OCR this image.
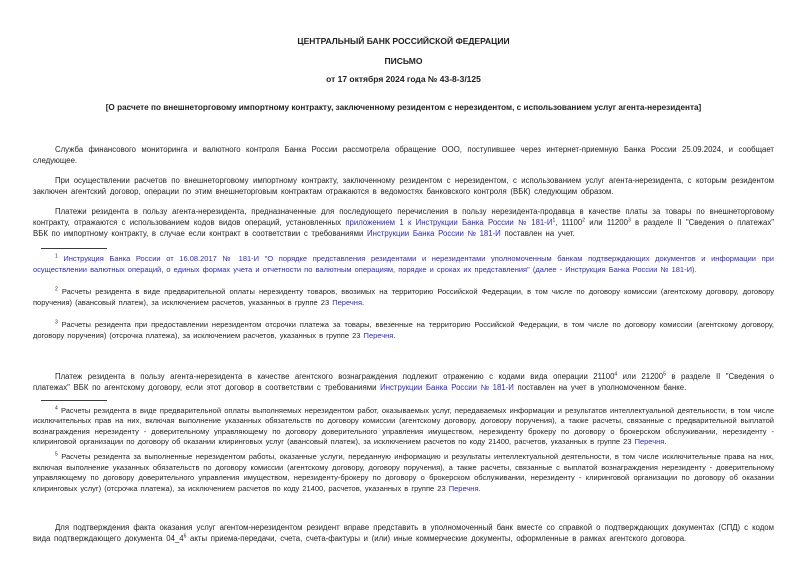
ЦЕНТРАЛЬНЫЙ БАНК РОССИЙСКОЙ ФЕДЕРАЦИИ
ПИСЬМО
от 17 октября 2024 года № 43-8-3/125
[О расчете по внешнеторговому импортному контракту, заключенному резидентом с нерезидентом, с использованием услуг агента-нерезидента]

Служба финансового мониторинга и валютного контроля Банка России рассмотрела обращение ООО, поступившее через интернет-приемную Банка России 25.09.2024, и сообщает следующее.

При осуществлении расчетов по внешнеторговому импортному контракту, заключенному резидентом с нерезидентом, с использованием услуг агента-нерезидента, с которым резидентом заключен агентский договор, операции по этим внешнеторговым контрактам отражаются в ведомостях банковского контроля (ВБК) следующим образом.

Платежи резидента в пользу агента-нерезидента, предназначенные для последующего перечисления в пользу нерезидента-продавца в качестве платы за товары по внешнеторговому контракту, отражаются с использованием кодов видов операций, установленных приложением 1 к Инструкции Банка России № $181-И^1$, 11100$^2$ или 11200$^3$ в разделе II "Сведения о платежах" ВБК по импортному контракту, в случае если контракт в соответствии с требованиями Инструкции Банка России № 181-И поставлен на учет.

$^1$ Инструкция Банка России от 16.08.2017 № 181-И "О порядке представления резидентами и нерезидентами уполномоченным банкам подтверждающих документов и информации при осуществлении валютных операций, о единых формах учета и отчетности по валютным операциям, порядке и сроках их представления" (далее - Инструкция Банка России № 181-И).

$^2$ Расчеты резидента в виде предварительной оплаты нерезиденту товаров, ввозимых на территорию Российской Федерации, в том числе по договору комиссии (агентскому договору, договору поручения) (авансовый платеж), за исключением расчетов, указанных в группе 23 Перечня.

$^3$ Расчеты резидента при предоставлении нерезидентом отсрочки платежа за товары, ввезенные на территорию Российской Федерации, в том числе по договору комиссии (агентскому договору, договору поручения) (отсрочка платежа), за исключением расчетов, указанных в группе 23 Перечня.

Платеж резидента в пользу агента-нерезидента в качестве агентского вознаграждения подлежит отражению с кодами вида операции 21100$^4$ или 21200$^5$ в разделе II "Сведения о платежах" ВБК по агентскому договору, если этот договор в соответствии с требованиями Инструкции Банка России № 181-И поставлен на учет в уполномоченном банке.

$^4$ Расчеты резидента в виде предварительной оплаты выполняемых нерезидентом работ, оказываемых услуг, передаваемых информации и результатов интеллектуальной деятельности, в том числе исключительных прав на них, включая выполнение указанных обязательств по договору комиссии (агентскому договору, договору поручения), а также расчеты, связанные с предварительной выплатой вознаграждения нерезиденту - доверительному управляющему по договору доверительного управления имуществом, нерезиденту брокеру по договору о брокерском обслуживании, нерезиденту - клиринговой организации по договору об оказании клиринговых услуг (авансовый платеж), за исключением расчетов по коду 21400, расчетов, указанных в группе 23 Перечня.

$^5$ Расчеты резидента за выполненные нерезидентом работы, оказанные услуги, переданную информацию и результаты интеллектуальной деятельности, в том числе исключительные права на них, включая выполнение указанных обязательств по договору комиссии (агентскому договору, договору поручения), а также расчеты, связанные с выплатой вознаграждения нерезиденту - доверительному управляющему по договору доверительного управления имуществом, нерезиденту-брокеру по договору о брокерском обслуживании, нерезиденту - клиринговой организации по договору об оказании клиринговых услуг) (отсрочка платежа), за исключением расчетов по коду 21400, расчетов, указанных в группе 23 Перечня.

Для подтверждения факта оказания услуг агентом-нерезидентом резидент вправе представить в уполномоченный банк вместе со справкой о подтверждающих документах (СПД) с кодом вида подтверждающего документа $04\_4^6$ акты приема-передачи, счета, счета-фактуры и (или) иные коммерческие документы, оформленные в рамках агентского договора.
